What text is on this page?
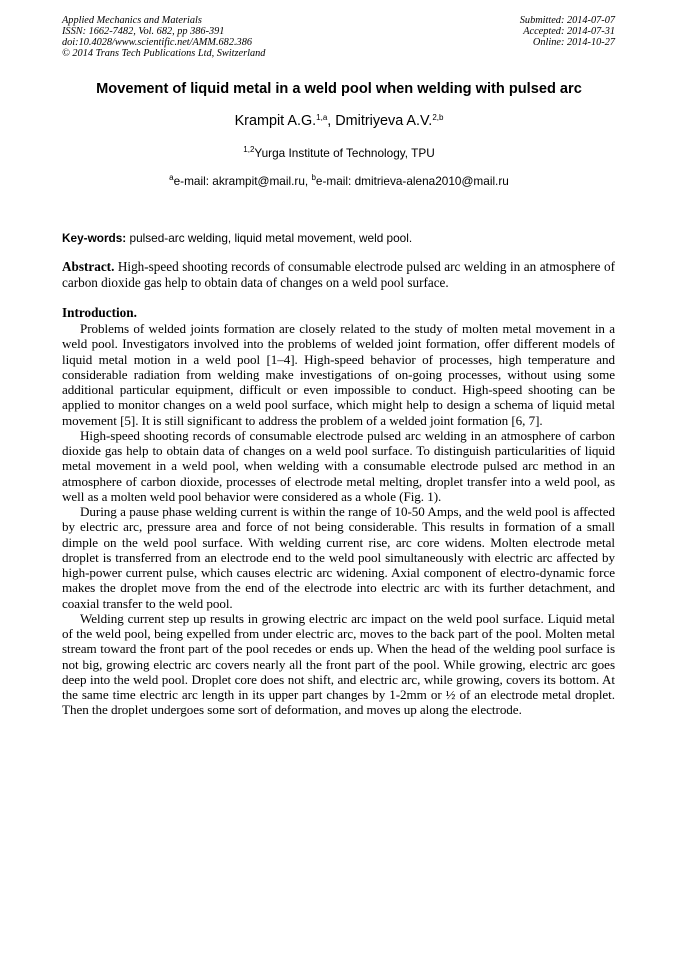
Applied Mechanics and Materials
ISSN: 1662-7482, Vol. 682, pp 386-391
doi:10.4028/www.scientific.net/AMM.682.386
© 2014 Trans Tech Publications Ltd, Switzerland
Submitted: 2014-07-07
Accepted: 2014-07-31
Online: 2014-10-27
Movement of liquid metal in a weld pool when welding with pulsed arc
Krampit A.G.$^{1,a}$, Dmitriyeva A.V.$^{2,b}$
$^{1,2}$Yurga Institute of Technology, TPU
$^a$e-mail: akrampit@mail.ru, $^b$e-mail: dmitrieva-alena2010@mail.ru
Key-words: pulsed-arc welding, liquid metal movement, weld pool.
Abstract. High-speed shooting records of consumable electrode pulsed arc welding in an atmosphere of carbon dioxide gas help to obtain data of changes on a weld pool surface.
Introduction.

Problems of welded joints formation are closely related to the study of molten metal movement in a weld pool. Investigators involved into the problems of welded joint formation, offer different models of liquid metal motion in a weld pool [1–4]. High-speed behavior of processes, high temperature and considerable radiation from welding make investigations of on-going processes, without using some additional particular equipment, difficult or even impossible to conduct. High-speed shooting can be applied to monitor changes on a weld pool surface, which might help to design a schema of liquid metal movement [5]. It is still significant to address the problem of a welded joint formation [6, 7].

High-speed shooting records of consumable electrode pulsed arc welding in an atmosphere of carbon dioxide gas help to obtain data of changes on a weld pool surface. To distinguish particularities of liquid metal movement in a weld pool, when welding with a consumable electrode pulsed arc method in an atmosphere of carbon dioxide, processes of electrode metal melting, droplet transfer into a weld pool, as well as a molten weld pool behavior were considered as a whole (Fig. 1).

During a pause phase welding current is within the range of 10-50 Amps, and the weld pool is affected by electric arc, pressure area and force of not being considerable. This results in formation of a small dimple on the weld pool surface. With welding current rise, arc core widens. Molten electrode metal droplet is transferred from an electrode end to the weld pool simultaneously with electric arc affected by high-power current pulse, which causes electric arc widening. Axial component of electro-dynamic force makes the droplet move from the end of the electrode into electric arc with its further detachment, and coaxial transfer to the weld pool.

Welding current step up results in growing electric arc impact on the weld pool surface. Liquid metal of the weld pool, being expelled from under electric arc, moves to the back part of the pool. Molten metal stream toward the front part of the pool recedes or ends up. When the head of the welding pool surface is not big, growing electric arc covers nearly all the front part of the pool. While growing, electric arc goes deep into the weld pool. Droplet core does not shift, and electric arc, while growing, covers its bottom. At the same time electric arc length in its upper part changes by 1-2mm or ½ of an electrode metal droplet. Then the droplet undergoes some sort of deformation, and moves up along the electrode.
